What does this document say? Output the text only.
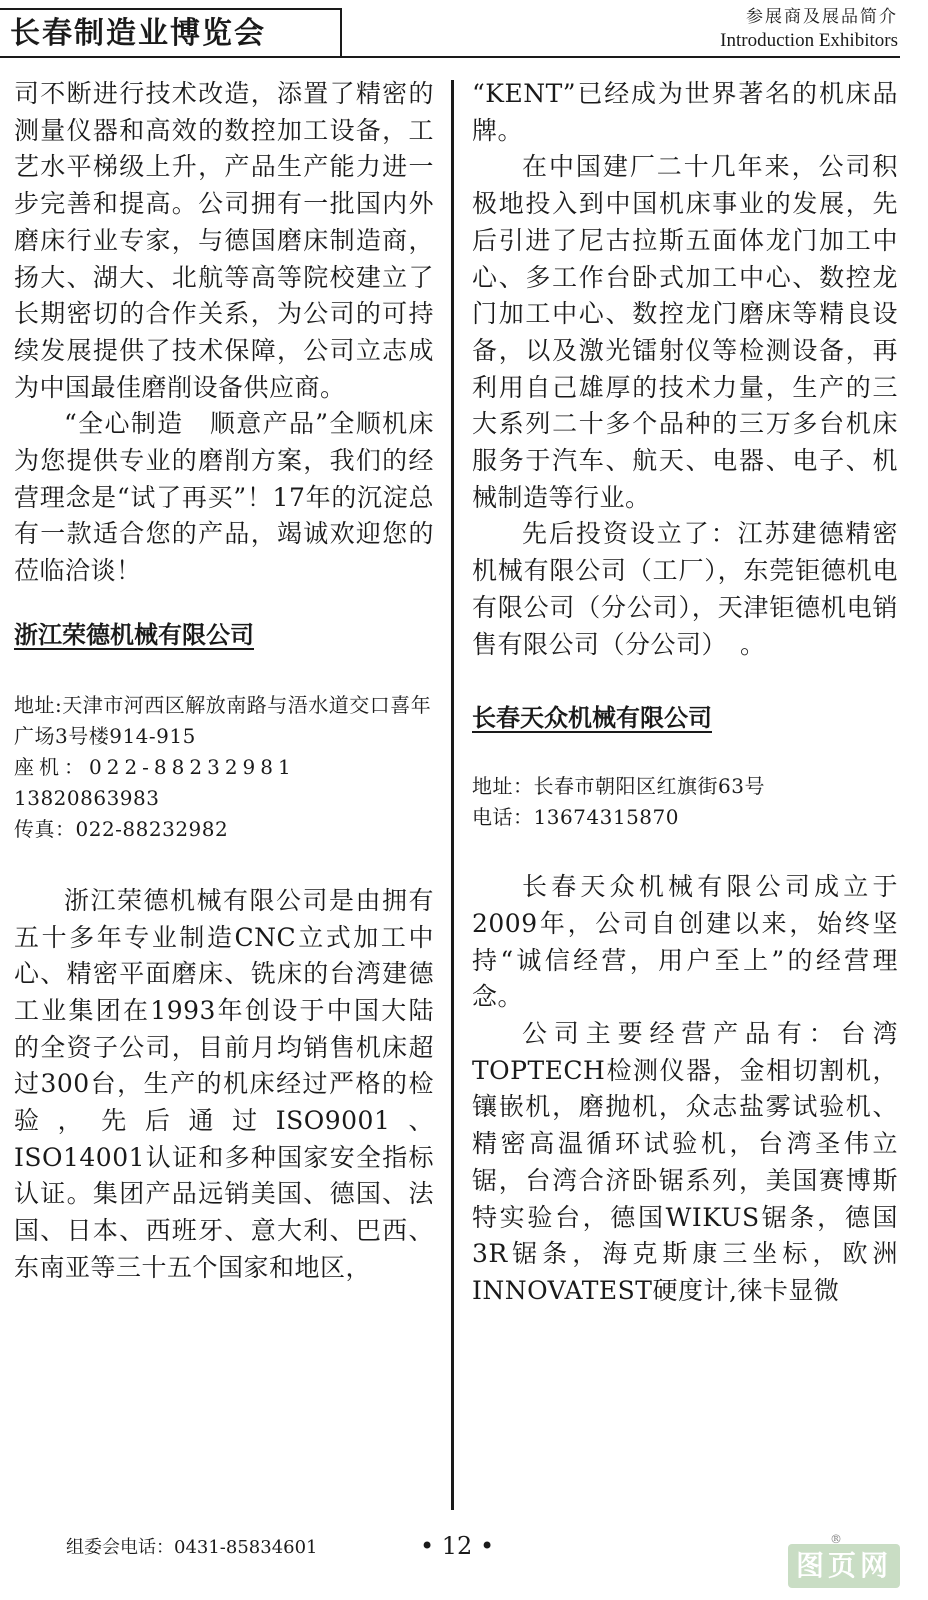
长春制造业博览会	参展商及展品简介
Introduction Exhibitors

司不断进行技术改造，添置了精密的测量仪器和高效的数控加工设备，工艺水平梯级上升，产品生产能力进一步完善和提高。公司拥有一批国内外磨床行业专家，与德国磨床制造商，扬大、湖大、北航等高等院校建立了长期密切的合作关系，为公司的可持续发展提供了技术保障，公司立志成为中国最佳磨削设备供应商。

“全心制造　顺意产品”全顺机床为您提供专业的磨削方案，我们的经营理念是“试了再买”！17年的沉淀总有一款适合您的产品，竭诚欢迎您的莅临洽谈！

浙江荣德机械有限公司

地址:天津市河西区解放南路与浯水道交口喜年广场3号楼914-915

座机：022-88232981

13820863983

传真：022-88232982

浙江荣德机械有限公司是由拥有五十多年专业制造CNC立式加工中心、精密平面磨床、铣床的台湾建德工业集团在1993年创设于中国大陆的全资子公司，目前月均销售机床超过300台，生产的机床经过严格的检验，先后通过ISO9001、ISO14001认证和多种国家安全指标认证。集团产品远销美国、德国、法国、日本、西班牙、意大利、巴西、东南亚等三十五个国家和地区，

“KENT”已经成为世界著名的机床品牌。

在中国建厂二十几年来，公司积极地投入到中国机床事业的发展，先后引进了尼古拉斯五面体龙门加工中心、多工作台卧式加工中心、数控龙门加工中心、数控龙门磨床等精良设备，以及激光镭射仪等检测设备，再利用自己雄厚的技术力量，生产的三大系列二十多个品种的三万多台机床服务于汽车、航天、电器、电子、机械制造等行业。

先后投资设立了：江苏建德精密机械有限公司（工厂），东莞钜德机电有限公司（分公司），天津钜德机电销售有限公司（分公司）　。

长春天众机械有限公司

地址：长春市朝阳区红旗街63号

电话：13674315870

长春天众机械有限公司成立于2009年，公司自创建以来，始终坚持“诚信经营，用户至上”的经营理念。

公司主要经营产品有：台湾TOPTECH检测仪器，金相切割机，镶嵌机，磨抛机，众志盐雾试验机、精密高温循环试验机，台湾圣伟立锯，台湾合济卧锯系列，美国赛博斯特实验台，德国WIKUS锯条，德国3R锯条，海克斯康三坐标，欧洲INNOVATEST硬度计,徕卡显微

组委会电话：0431-85834601	• 12 •
图页网
®
